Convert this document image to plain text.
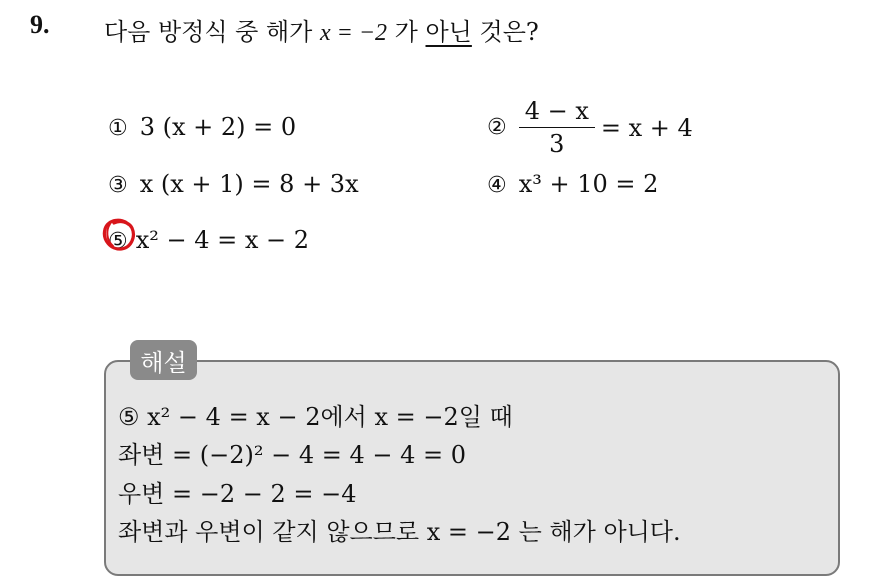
9. 다음 방정식 중 해가 x = −2 가 아닌 것은?
① 3 (x + 2) = 0	② $\frac{4 - x}{3} = x + 4$
③ x (x + 1) = 8 + 3x	④ x³ + 10 = 2
⑤ x² − 4 = x − 2
해설
⑤ x² − 4 = x − 2에서 x = −2일 때
좌변 = (−2)² − 4 = 4 − 4 = 0
우변 = −2 − 2 = −4
좌변과 우변이 같지 않으므로 x = −2 는 해가 아니다.
